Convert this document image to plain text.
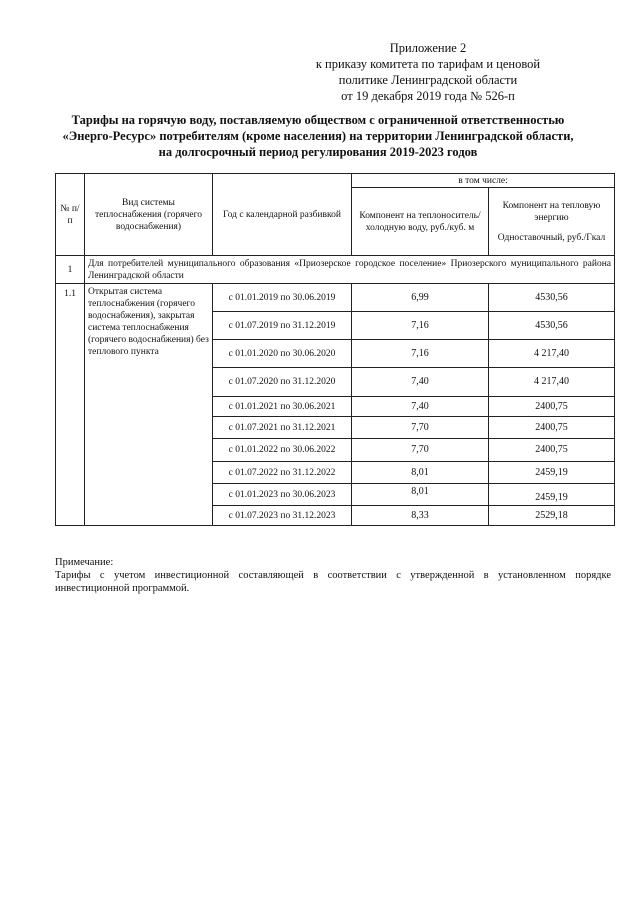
Приложение 2
к приказу комитета по тарифам и ценовой
политике Ленинградской области
от 19 декабря 2019 года № 526-п
Тарифы на горячую воду, поставляемую обществом с ограниченной ответственностью
«Энерго-Ресурс» потребителям (кроме населения) на территории Ленинградской области,
на долгосрочный период регулирования 2019-2023 годов
№ п/п	Вид системы теплоснабжения (горячего водоснабжения)	Год с календарной разбивкой	в том числе:	
			Компонент на теплоноситель/холодную воду, руб./куб. м	Компонент на тепловую энергию
Одноставочный, руб./Гкал

1	Для потребителей муниципального образования «Приозерское городское поселение» Приозерского муниципального района Ленинградской области			
1.1	Открытая система теплоснабжения (горячего водоснабжения), закрытая система теплоснабжения (горячего водоснабжения) без теплового пункта	с 01.01.2019 по 30.06.2019	6,99	4530,56
		с 01.07.2019 по 31.12.2019	7,16	4530,56
		с 01.01.2020 по 30.06.2020	7,16	4 217,40
		с 01.07.2020 по 31.12.2020	7,40	4 217,40
		с 01.01.2021 по 30.06.2021	7,40	2400,75
		с 01.07.2021 по 31.12.2021	7,70	2400,75
		с 01.01.2022 по 30.06.2022	7,70	2400,75
		с 01.07.2022 по 31.12.2022	8,01	2459,19
		с 01.01.2023 по 30.06.2023	8,01	2459,19
		с 01.07.2023 по 31.12.2023	8,33	2529,18
Примечание:
Тарифы с учетом инвестиционной составляющей в соответствии с утвержденной в установленном порядке инвестиционной программой.
